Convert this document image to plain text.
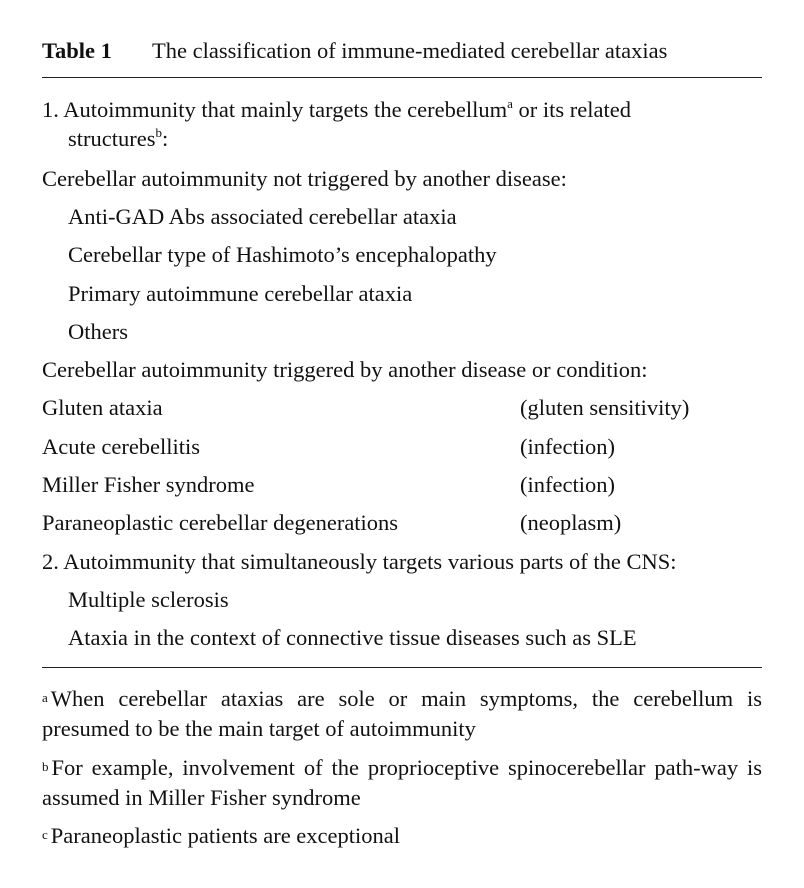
Table 1 The classification of immune-mediated cerebellar ataxias
1. Autoimmunity that mainly targets the cerebellum$^a$ or its related
structures$^b$:
Cerebellar autoimmunity not triggered by another disease:
Anti-GAD Abs associated cerebellar ataxia
Cerebellar type of Hashimoto’s encephalopathy
Primary autoimmune cerebellar ataxia
Others
Cerebellar autoimmunity triggered by another disease or condition:
Gluten ataxia	(gluten sensitivity)
Acute cerebellitis	(infection)
Miller Fisher syndrome	(infection)
Paraneoplastic cerebellar degenerations	(neoplasm)
2. Autoimmunity that simultaneously targets various parts of the CNS:
Multiple sclerosis
Ataxia in the context of connective tissue diseases such as SLE
$^a$ When cerebellar ataxias are sole or main symptoms, the cerebellum is presumed to be the main target of autoimmunity
$^b$ For example, involvement of the proprioceptive spinocerebellar path-way is assumed in Miller Fisher syndrome
$^c$ Paraneoplastic patients are exceptional
